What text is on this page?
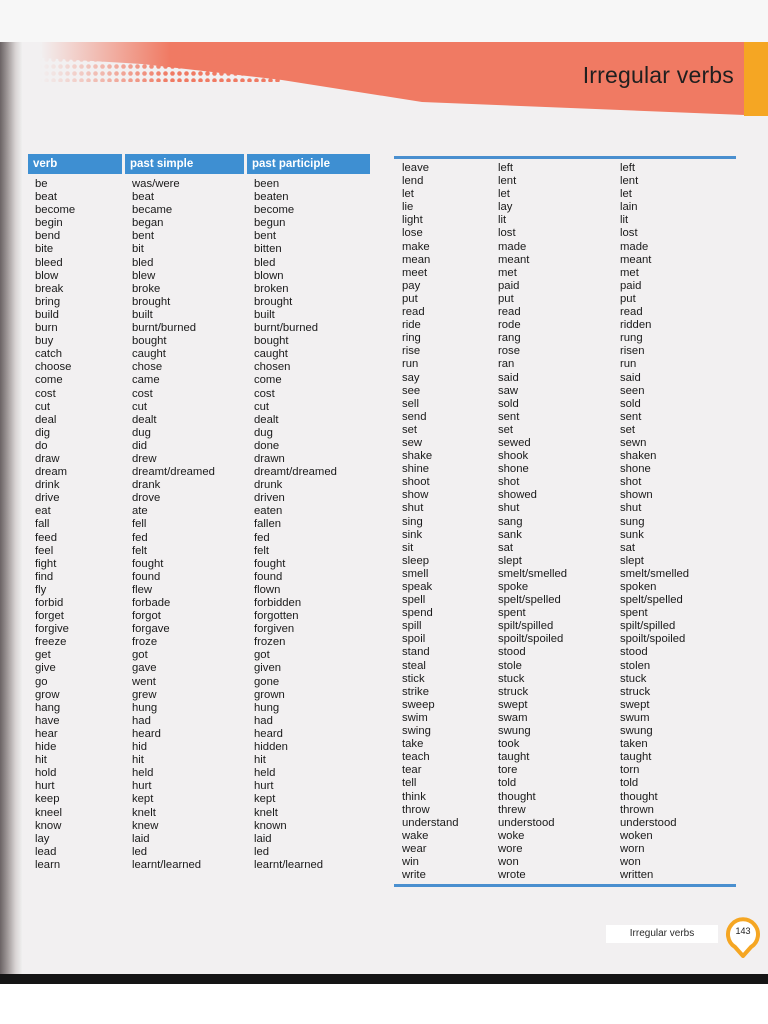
Irregular verbs
verb	past simple	past participle
be	was/were	been
beat	beat	beaten
become	became	become
begin	began	begun
bend	bent	bent
bite	bit	bitten
bleed	bled	bled
blow	blew	blown
break	broke	broken
bring	brought	brought
build	built	built
burn	burnt/burned	burnt/burned
buy	bought	bought
catch	caught	caught
choose	chose	chosen
come	came	come
cost	cost	cost
cut	cut	cut
deal	dealt	dealt
dig	dug	dug
do	did	done
draw	drew	drawn
dream	dreamt/dreamed	dreamt/dreamed
drink	drank	drunk
drive	drove	driven
eat	ate	eaten
fall	fell	fallen
feed	fed	fed
feel	felt	felt
fight	fought	fought
find	found	found
fly	flew	flown
forbid	forbade	forbidden
forget	forgot	forgotten
forgive	forgave	forgiven
freeze	froze	frozen
get	got	got
give	gave	given
go	went	gone
grow	grew	grown
hang	hung	hung
have	had	had
hear	heard	heard
hide	hid	hidden
hit	hit	hit
hold	held	held
hurt	hurt	hurt
keep	kept	kept
kneel	knelt	knelt
know	knew	known
lay	laid	laid
lead	led	led
learn	learnt/learned	learnt/learned
leave	left	left
lend	lent	lent
let	let	let
lie	lay	lain
light	lit	lit
lose	lost	lost
make	made	made
mean	meant	meant
meet	met	met
pay	paid	paid
put	put	put
read	read	read
ride	rode	ridden
ring	rang	rung
rise	rose	risen
run	ran	run
say	said	said
see	saw	seen
sell	sold	sold
send	sent	sent
set	set	set
sew	sewed	sewn
shake	shook	shaken
shine	shone	shone
shoot	shot	shot
show	showed	shown
shut	shut	shut
sing	sang	sung
sink	sank	sunk
sit	sat	sat
sleep	slept	slept
smell	smelt/smelled	smelt/smelled
speak	spoke	spoken
spell	spelt/spelled	spelt/spelled
spend	spent	spent
spill	spilt/spilled	spilt/spilled
spoil	spoilt/spoiled	spoilt/spoiled
stand	stood	stood
steal	stole	stolen
stick	stuck	stuck
strike	struck	struck
sweep	swept	swept
swim	swam	swum
swing	swung	swung
take	took	taken
teach	taught	taught
tear	tore	torn
tell	told	told
think	thought	thought
throw	threw	thrown
understand	understood	understood
wake	woke	woken
wear	wore	worn
win	won	won
write	wrote	written
Irregular verbs	143
